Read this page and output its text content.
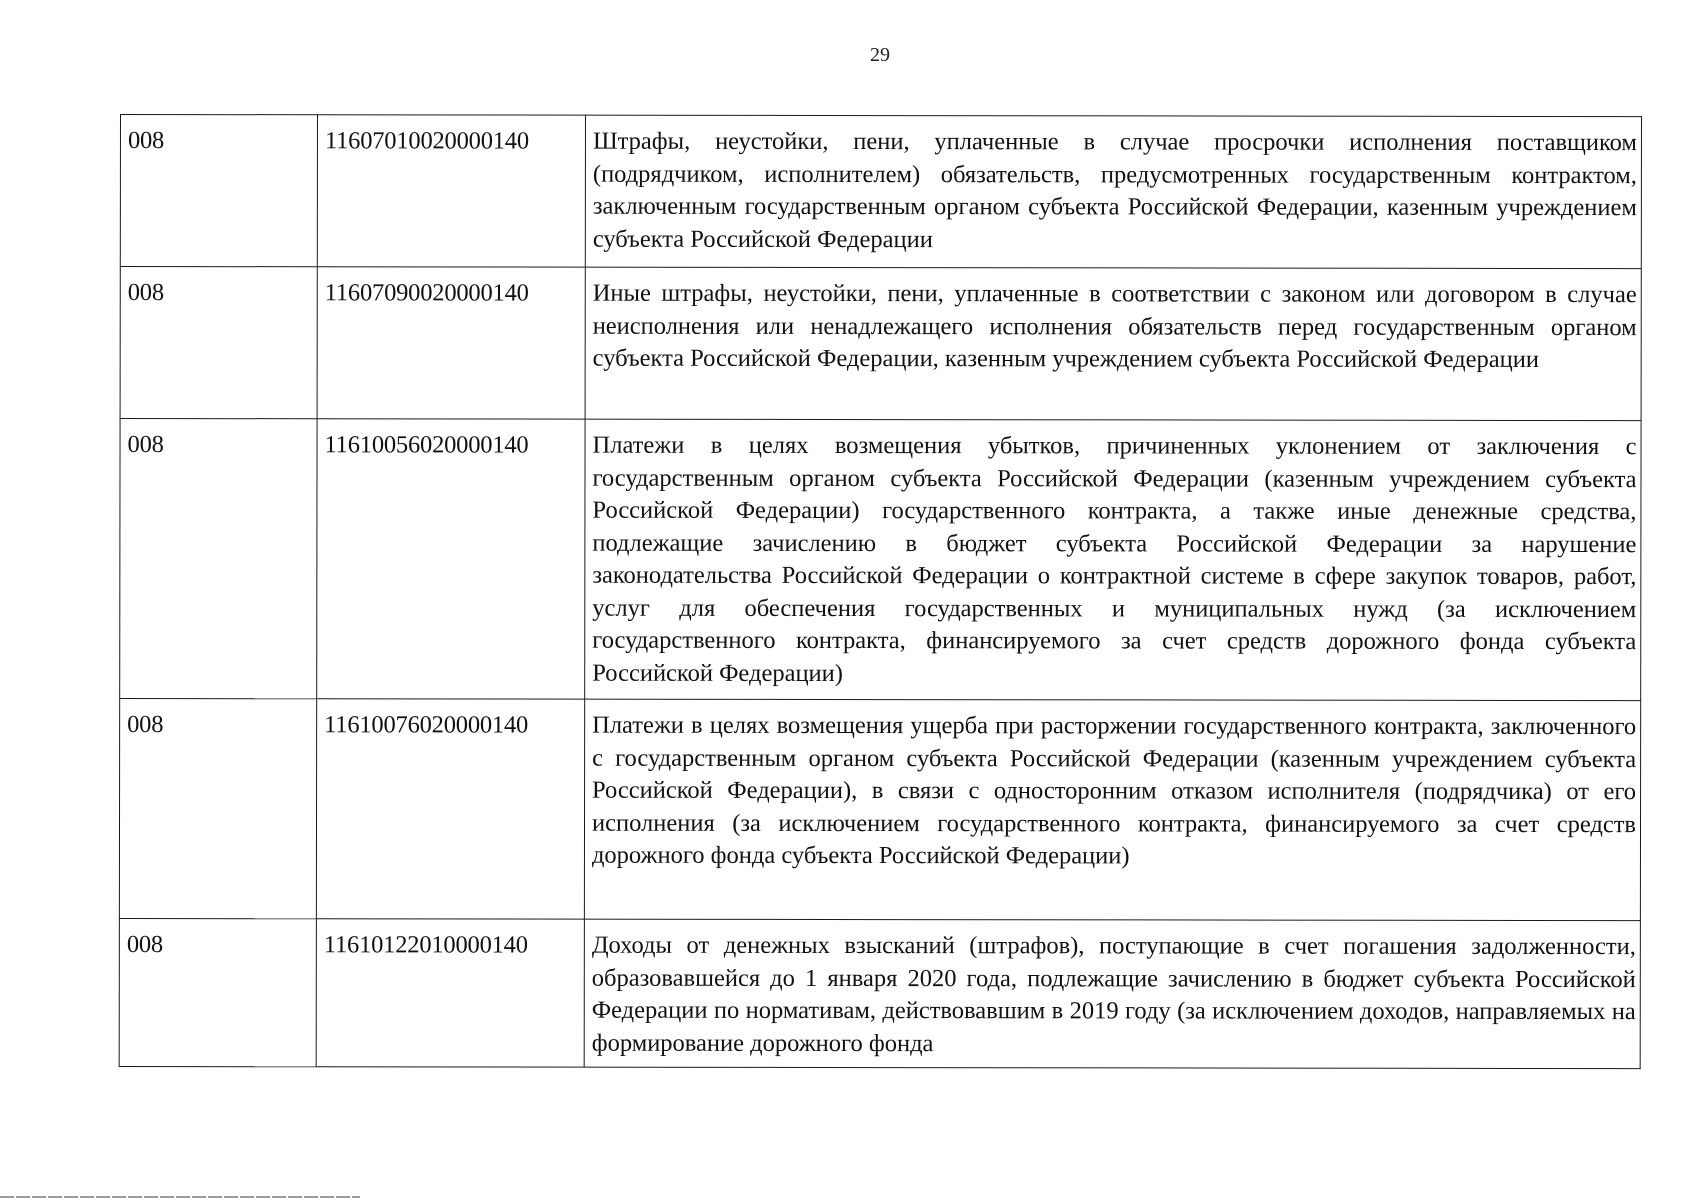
29
008	11607010020000140	Штрафы, неустойки, пени, уплаченные в случае просрочки исполнения поставщиком (подрядчиком, исполнителем) обязательств, предусмотренных государственным контрактом, заключенным государственным органом субъекта Российской Федерации, казенным учреждением субъекта Российской Федерации
008	11607090020000140	Иные штрафы, неустойки, пени, уплаченные в соответствии с законом или договором в случае неисполнения или ненадлежащего исполнения обязательств перед государственным органом субъекта Российской Федерации, казенным учреждением субъекта Российской Федерации
008	11610056020000140	Платежи в целях возмещения убытков, причиненных уклонением от заключения с государственным органом субъекта Российской Федерации (казенным учреждением субъекта Российской Федерации) государственного контракта, а также иные денежные средства, подлежащие зачислению в бюджет субъекта Российской Федерации за нарушение законодательства Российской Федерации о контрактной системе в сфере закупок товаров, работ, услуг для обеспечения государственных и муниципальных нужд (за исключением государственного контракта, финансируемого за счет средств дорожного фонда субъекта Российской Федерации)
008	11610076020000140	Платежи в целях возмещения ущерба при расторжении государственного контракта, заключенного с государственным органом субъекта Российской Федерации (казенным учреждением субъекта Российской Федерации), в связи с односторонним отказом исполнителя (подрядчика) от его исполнения (за исключением государственного контракта, финансируемого за счет средств дорожного фонда субъекта Российской Федерации)
008	11610122010000140	Доходы от денежных взысканий (штрафов), поступающие в счет погашения задолженности, образовавшейся до 1 января 2020 года, подлежащие зачислению в бюджет субъекта Российской Федерации по нормативам, действовавшим в 2019 году (за исключением доходов, направляемых на формирование дорожного фонда
